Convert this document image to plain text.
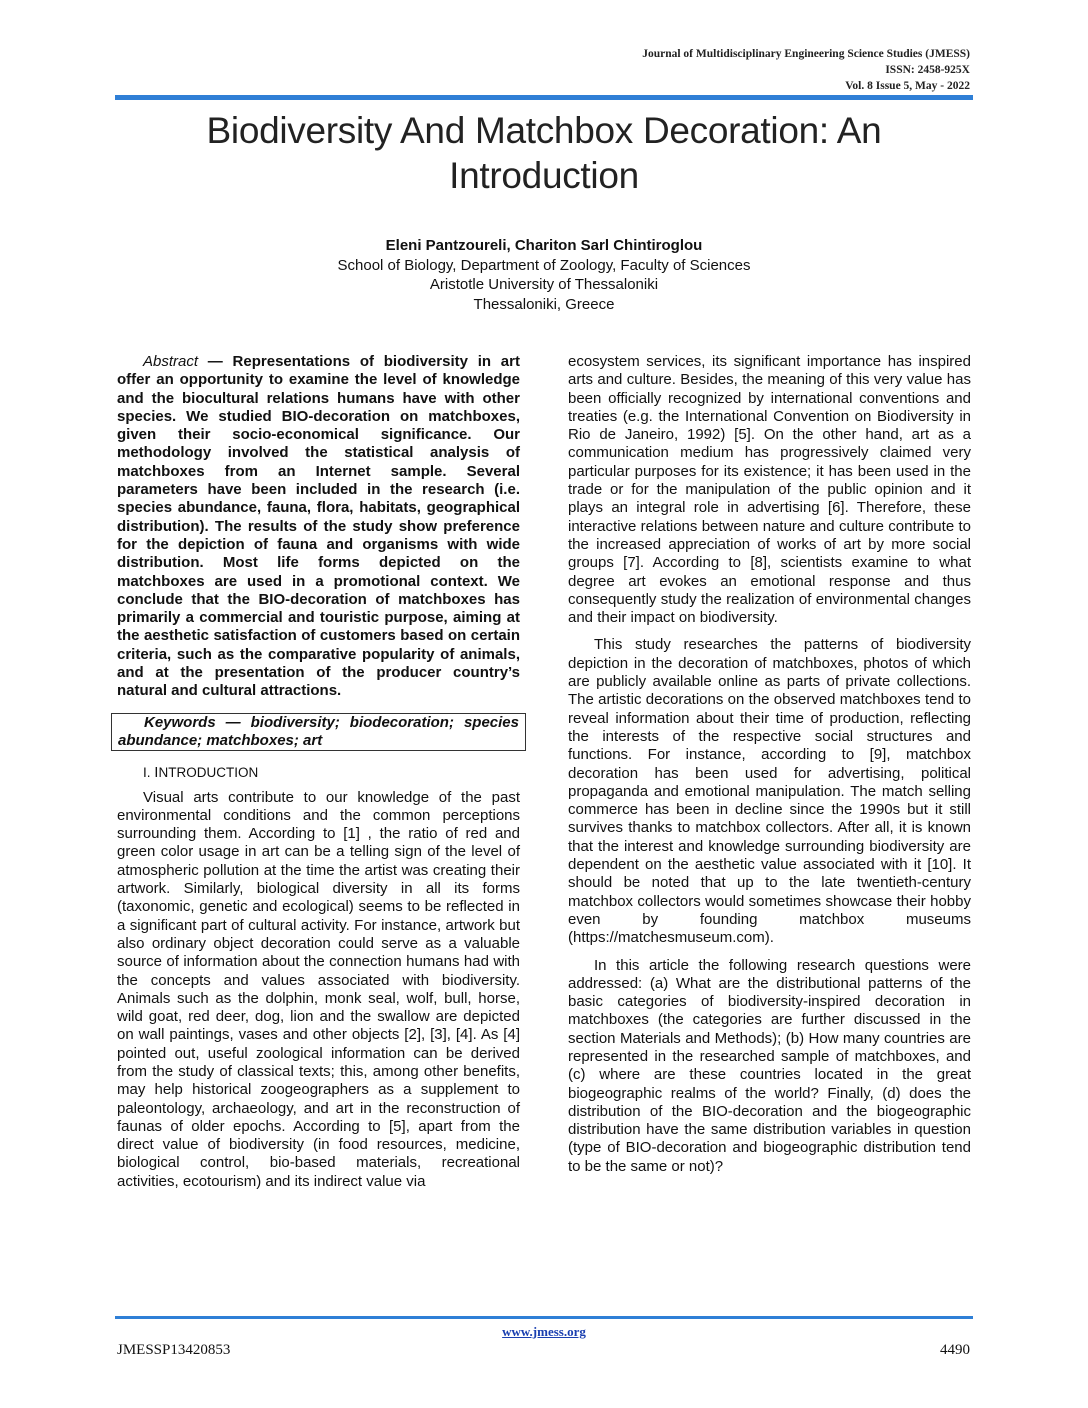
Journal of Multidisciplinary Engineering Science Studies (JMESS)
ISSN: 2458-925X
Vol. 8 Issue 5, May - 2022
Biodiversity And Matchbox Decoration: An
Introduction
Eleni Pantzoureli, Chariton Sarl Chintiroglou
School of Biology, Department of Zoology, Faculty of Sciences
Aristotle University of Thessaloniki
Thessaloniki, Greece

Abstract — Representations of biodiversity in art offer an opportunity to examine the level of knowledge and the biocultural relations humans have with other species. We studied BIO-decoration on matchboxes, given their socio-economical significance. Our methodology involved the statistical analysis of matchboxes from an Internet sample. Several parameters have been included in the research (i.e. species abundance, fauna, flora, habitats, geographical distribution). The results of the study show preference for the depiction of fauna and organisms with wide distribution. Most life forms depicted on the matchboxes are used in a promotional context. We conclude that the BIO-decoration of matchboxes has primarily a commercial and touristic purpose, aiming at the aesthetic satisfaction of customers based on certain criteria, such as the comparative popularity of animals, and at the presentation of the producer country’s natural and cultural attractions.

Keywords — biodiversity; biodecoration; species abundance; matchboxes; art

I. INTRODUCTION

Visual arts contribute to our knowledge of the past environmental conditions and the common perceptions surrounding them. According to [1] , the ratio of red and green color usage in art can be a telling sign of the level of atmospheric pollution at the time the artist was creating their artwork. Similarly, biological diversity in all its forms (taxonomic, genetic and ecological) seems to be reflected in a significant part of cultural activity. For instance, artwork but also ordinary object decoration could serve as a valuable source of information about the connection humans had with the concepts and values associated with biodiversity. Animals such as the dolphin, monk seal, wolf, bull, horse, wild goat, red deer, dog, lion and the swallow are depicted on wall paintings, vases and other objects [2], [3], [4]. As [4] pointed out, useful zoological information can be derived from the study of classical texts; this, among other benefits, may help historical zoogeographers as a supplement to paleontology, archaeology, and art in the reconstruction of faunas of older epochs. According to [5], apart from the direct value of biodiversity (in food resources, medicine, biological control, bio-based materials, recreational activities, ecotourism) and its indirect value via

ecosystem services, its significant importance has inspired arts and culture. Besides, the meaning of this very value has been officially recognized by international conventions and treaties (e.g. the International Convention on Biodiversity in Rio de Janeiro, 1992) [5]. On the other hand, art as a communication medium has progressively claimed very particular purposes for its existence; it has been used in the trade or for the manipulation of the public opinion and it plays an integral role in advertising [6]. Therefore, these interactive relations between nature and culture contribute to the increased appreciation of works of art by more social groups [7]. According to [8], scientists examine to what degree art evokes an emotional response and thus consequently study the realization of environmental changes and their impact on biodiversity.

This study researches the patterns of biodiversity depiction in the decoration of matchboxes, photos of which are publicly available online as parts of private collections. The artistic decorations on the observed matchboxes tend to reveal information about their time of production, reflecting the interests of the respective social structures and functions. For instance, according to [9], matchbox decoration has been used for advertising, political propaganda and emotional manipulation. The match selling commerce has been in decline since the 1990s but it still survives thanks to matchbox collectors. After all, it is known that the interest and knowledge surrounding biodiversity are dependent on the aesthetic value associated with it [10]. It should be noted that up to the late twentieth-century matchbox collectors would sometimes showcase their hobby even by founding matchbox museums (https://matchesmuseum.com).

In this article the following research questions were addressed: (a) What are the distributional patterns of the basic categories of biodiversity-inspired decoration in matchboxes (the categories are further discussed in the section Materials and Methods); (b) How many countries are represented in the researched sample of matchboxes, and (c) where are these countries located in the great biogeographic realms of the world? Finally, (d) does the distribution of the BIO-decoration and the biogeographic distribution have the same distribution variables in question (type of BIO-decoration and biogeographic distribution tend to be the same or not)?

www.jmess.org
JMESSP13420853	4490
